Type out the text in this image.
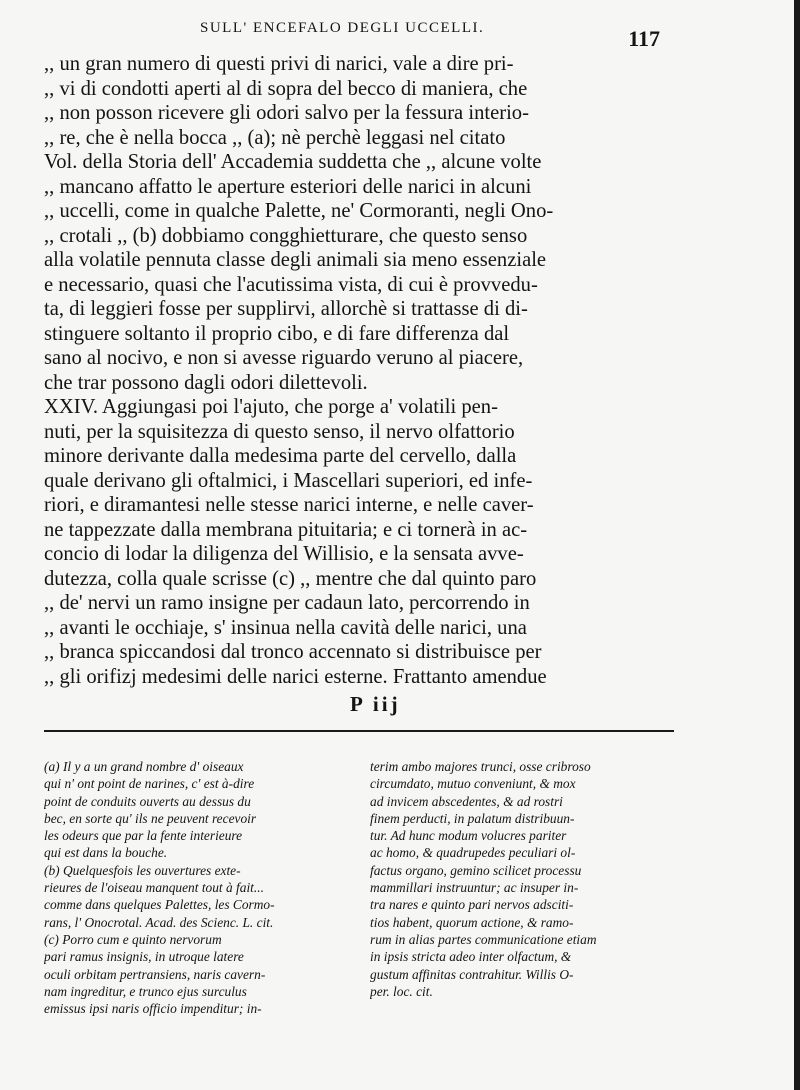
SULL' ENCEFALO DEGLI UCCELLI.	117
,, un gran numero di questi privi di narici, vale a dire pri-
,, vi di condotti aperti al di sopra del becco di maniera, che
,, non posson ricevere gli odori salvo per la fessura interio-
,, re, che è nella bocca ,, (a); nè perchè leggasi nel citato
Vol. della Storia dell' Accademia suddetta che ,, alcune volte
,, mancano affatto le aperture esteriori delle narici in alcuni
,, uccelli, come in qualche Palette, ne' Cormoranti, negli Ono-
,, crotali ,, (b) dobbiamo congghietturare, che questo senso
alla volatile pennuta classe degli animali sia meno essenziale
e necessario, quasi che l'acutissima vista, di cui è provvedu-
ta, di leggieri fosse per supplirvi, allorchè si trattasse di di-
stinguere soltanto il proprio cibo, e di fare differenza dal
sano al nocivo, e non si avesse riguardo veruno al piacere,
che trar possono dagli odori dilettevoli.
XXIV. Aggiungasi poi l'ajuto, che porge a' volatili pen-
nuti, per la squisitezza di questo senso, il nervo olfattorio
minore derivante dalla medesima parte del cervello, dalla
quale derivano gli oftalmici, i Mascellari superiori, ed infe-
riori, e diramantesi nelle stesse narici interne, e nelle caver-
ne tappezzate dalla membrana pituitaria; e ci tornerà in ac-
concio di lodar la diligenza del Willisio, e la sensata avve-
dutezza, colla quale scrisse (c) ,, mentre che dal quinto paro
,, de' nervi un ramo insigne per cadaun lato, percorrendo in
,, avanti le occhiaje, s' insinua nella cavità delle narici, una
,, branca spiccandosi dal tronco accennato si distribuisce per
,, gli orifizj medesimi delle narici esterne. Frattanto amendue
P iij
(a) Il y a un grand nombre d' oiseaux
qui n' ont point de narines, c' est à-dire
point de conduits ouverts au dessus du
bec, en sorte qu' ils ne peuvent recevoir
les odeurs que par la fente interieure
qui est dans la bouche.
(b) Quelquesfois les ouvertures exte-
rieures de l'oiseau manquent tout à fait...
comme dans quelques Palettes, les Cormo-
rans, l' Onocrotal. Acad. des Scienc. L. cit.
(c) Porro cum e quinto nervorum
pari ramus insignis, in utroque latere
oculi orbitam pertransiens, naris cavern-
nam ingreditur, e trunco ejus surculus
emissus ipsi naris officio impenditur; in-
terim ambo majores trunci, osse cribroso
circumdato, mutuo conveniunt, & mox
ad invicem abscedentes, & ad rostri
finem perducti, in palatum distribuun-
tur. Ad hunc modum volucres pariter
ac homo, & quadrupedes peculiari ol-
factus organo, gemino scilicet processu
mammillari instruuntur; ac insuper in-
tra nares e quinto pari nervos adsciti-
tios habent, quorum actione, & ramo-
rum in alias partes communicatione etiam
in ipsis stricta adeo inter olfactum, &
gustum affinitas contrahitur. Willis O-
per. loc. cit.
